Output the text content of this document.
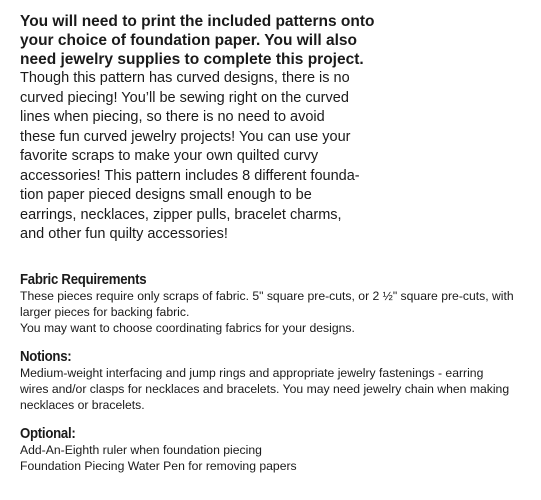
You will need to print the included patterns onto
your choice of foundation paper. You will also
need jewelry supplies to complete this project.

Though this pattern has curved designs, there is no
curved piecing! You’ll be sewing right on the curved
lines when piecing, so there is no need to avoid
these fun curved jewelry projects! You can use your
favorite scraps to make your own quilted curvy
accessories! This pattern includes 8 different founda-
tion paper pieced designs small enough to be
earrings, necklaces, zipper pulls, bracelet charms,
and other fun quilty accessories!

Fabric Requirements

These pieces require only scraps of fabric. 5" square pre-cuts, or 2 ½" square pre-cuts, with
larger pieces for backing fabric.
You may want to choose coordinating fabrics for your designs.

Notions:

Medium-weight interfacing and jump rings and appropriate jewelry fastenings - earring
wires and/or clasps for necklaces and bracelets. You may need jewelry chain when making
necklaces or bracelets.

Optional:

Add-An-Eighth ruler when foundation piecing
Foundation Piecing Water Pen for removing papers
